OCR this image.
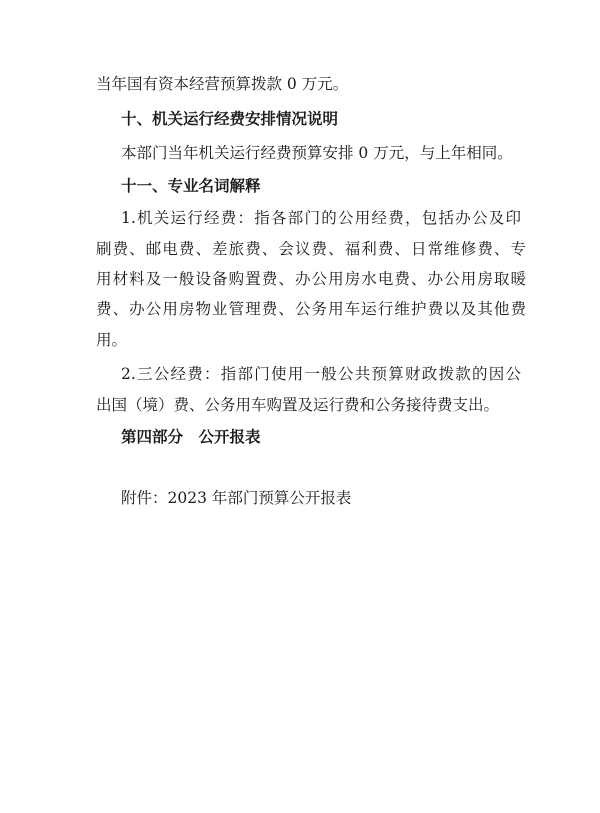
当年国有资本经营预算拨款 0 万元。
十、机关运行经费安排情况说明
本部门当年机关运行经费预算安排 0 万元，与上年相同。
十一、专业名词解释
1.机关运行经费：指各部门的公用经费，包括办公及印
刷费、邮电费、差旅费、会议费、福利费、日常维修费、专
用材料及一般设备购置费、办公用房水电费、办公用房取暖
费、办公用房物业管理费、公务用车运行维护费以及其他费
用。
2.三公经费：指部门使用一般公共预算财政拨款的因公
出国（境）费、公务用车购置及运行费和公务接待费支出。
第四部分　公开报表
附件：2023 年部门预算公开报表
